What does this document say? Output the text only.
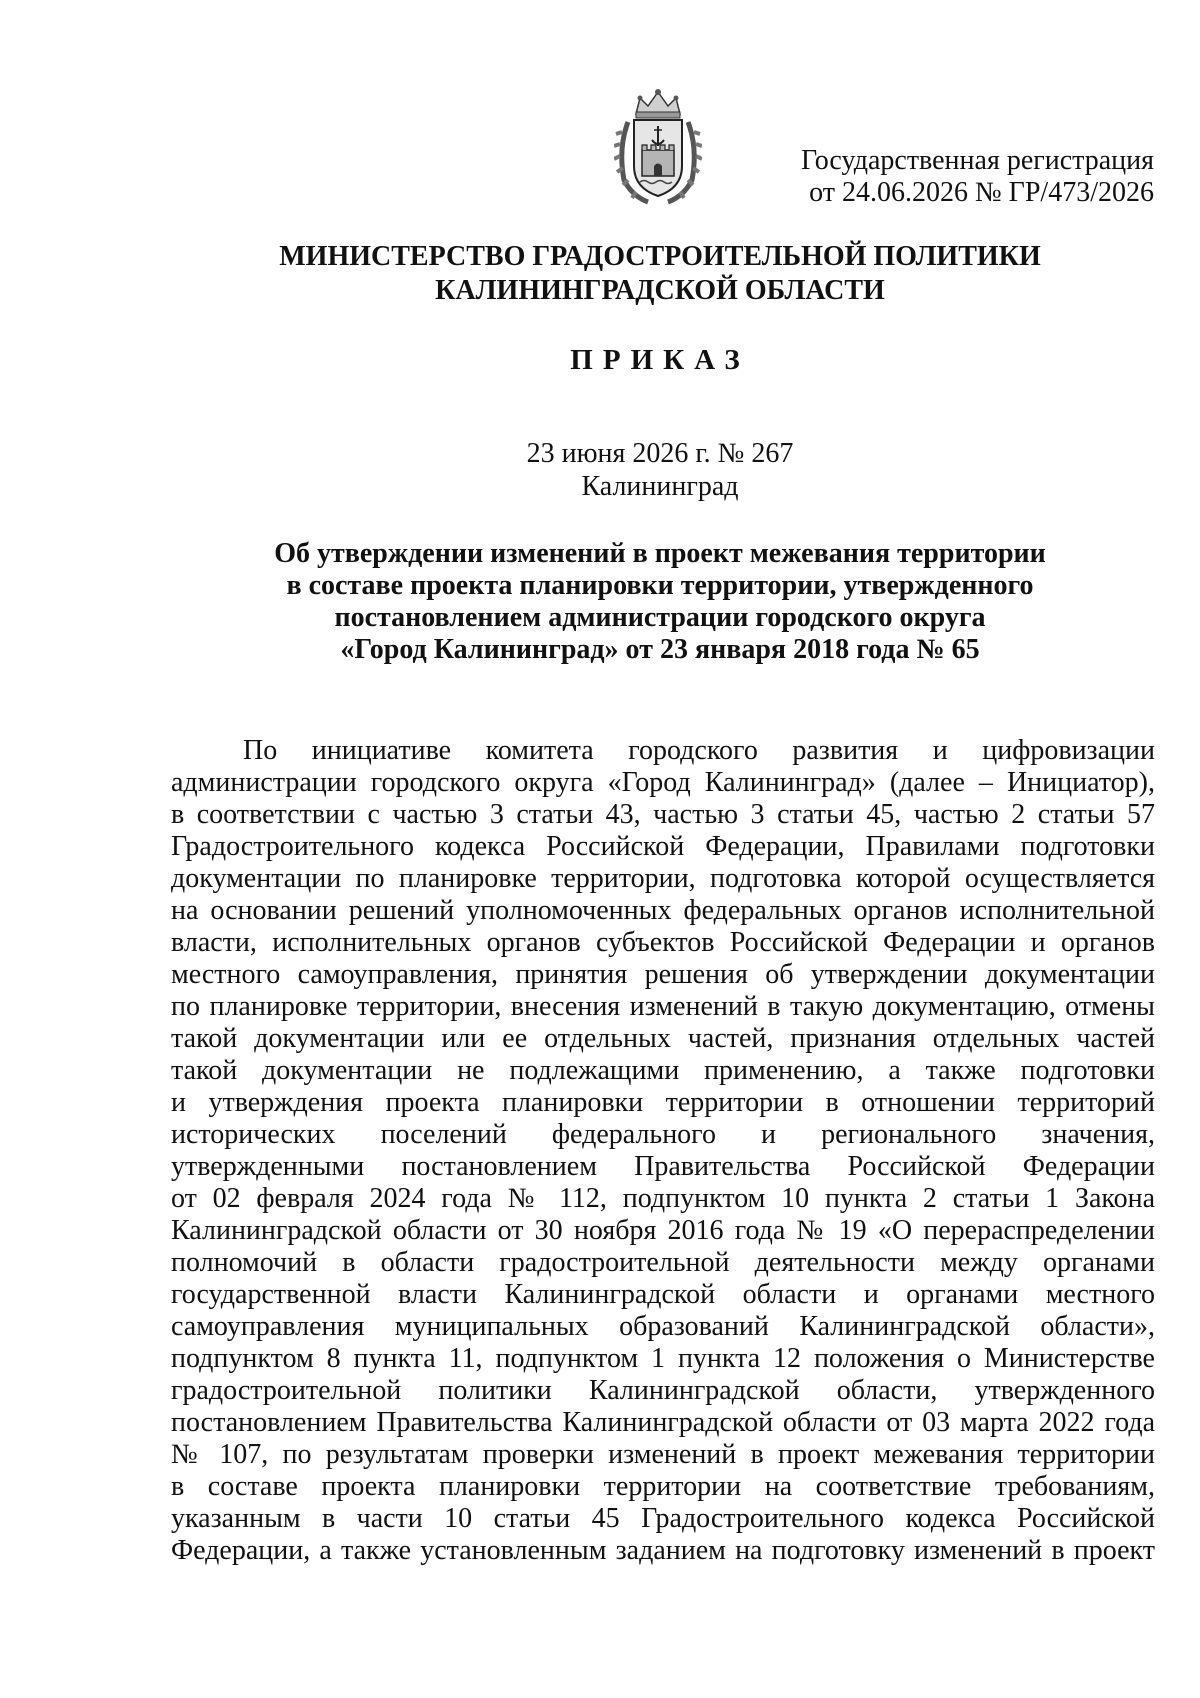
Государственная регистрация
от 24.06.2026 № ГР/473/2026
МИНИСТЕРСТВО ГРАДОСТРОИТЕЛЬНОЙ ПОЛИТИКИ
КАЛИНИНГРАДСКОЙ ОБЛАСТИ
ПРИКАЗ
23 июня 2026 г. № 267
Калининград
Об утверждении изменений в проект межевания территории
в составе проекта планировки территории, утвержденного
постановлением администрации городского округа
«Город Калининград» от 23 января 2018 года № 65
По инициативе комитета городского развития и цифровизации
администрации городского округа «Город Калининград» (далее – Инициатор),
в соответствии с частью 3 статьи 43, частью 3 статьи 45, частью 2 статьи 57
Градостроительного кодекса Российской Федерации, Правилами подготовки
документации по планировке территории, подготовка которой осуществляется
на основании решений уполномоченных федеральных органов исполнительной
власти, исполнительных органов субъектов Российской Федерации и органов
местного самоуправления, принятия решения об утверждении документации
по планировке территории, внесения изменений в такую документацию, отмены
такой документации или ее отдельных частей, признания отдельных частей
такой документации не подлежащими применению, а также подготовки
и утверждения проекта планировки территории в отношении территорий
исторических поселений федерального и регионального значения,
утвержденными постановлением Правительства Российской Федерации
от 02 февраля 2024 года № 112, подпунктом 10 пункта 2 статьи 1 Закона
Калининградской области от 30 ноября 2016 года № 19 «О перераспределении
полномочий в области градостроительной деятельности между органами
государственной власти Калининградской области и органами местного
самоуправления муниципальных образований Калининградской области»,
подпунктом 8 пункта 11, подпунктом 1 пункта 12 положения о Министерстве
градостроительной политики Калининградской области, утвержденного
постановлением Правительства Калининградской области от 03 марта 2022 года
№ 107, по результатам проверки изменений в проект межевания территории
в составе проекта планировки территории на соответствие требованиям,
указанным в части 10 статьи 45 Градостроительного кодекса Российской
Федерации, а также установленным заданием на подготовку изменений в проект
